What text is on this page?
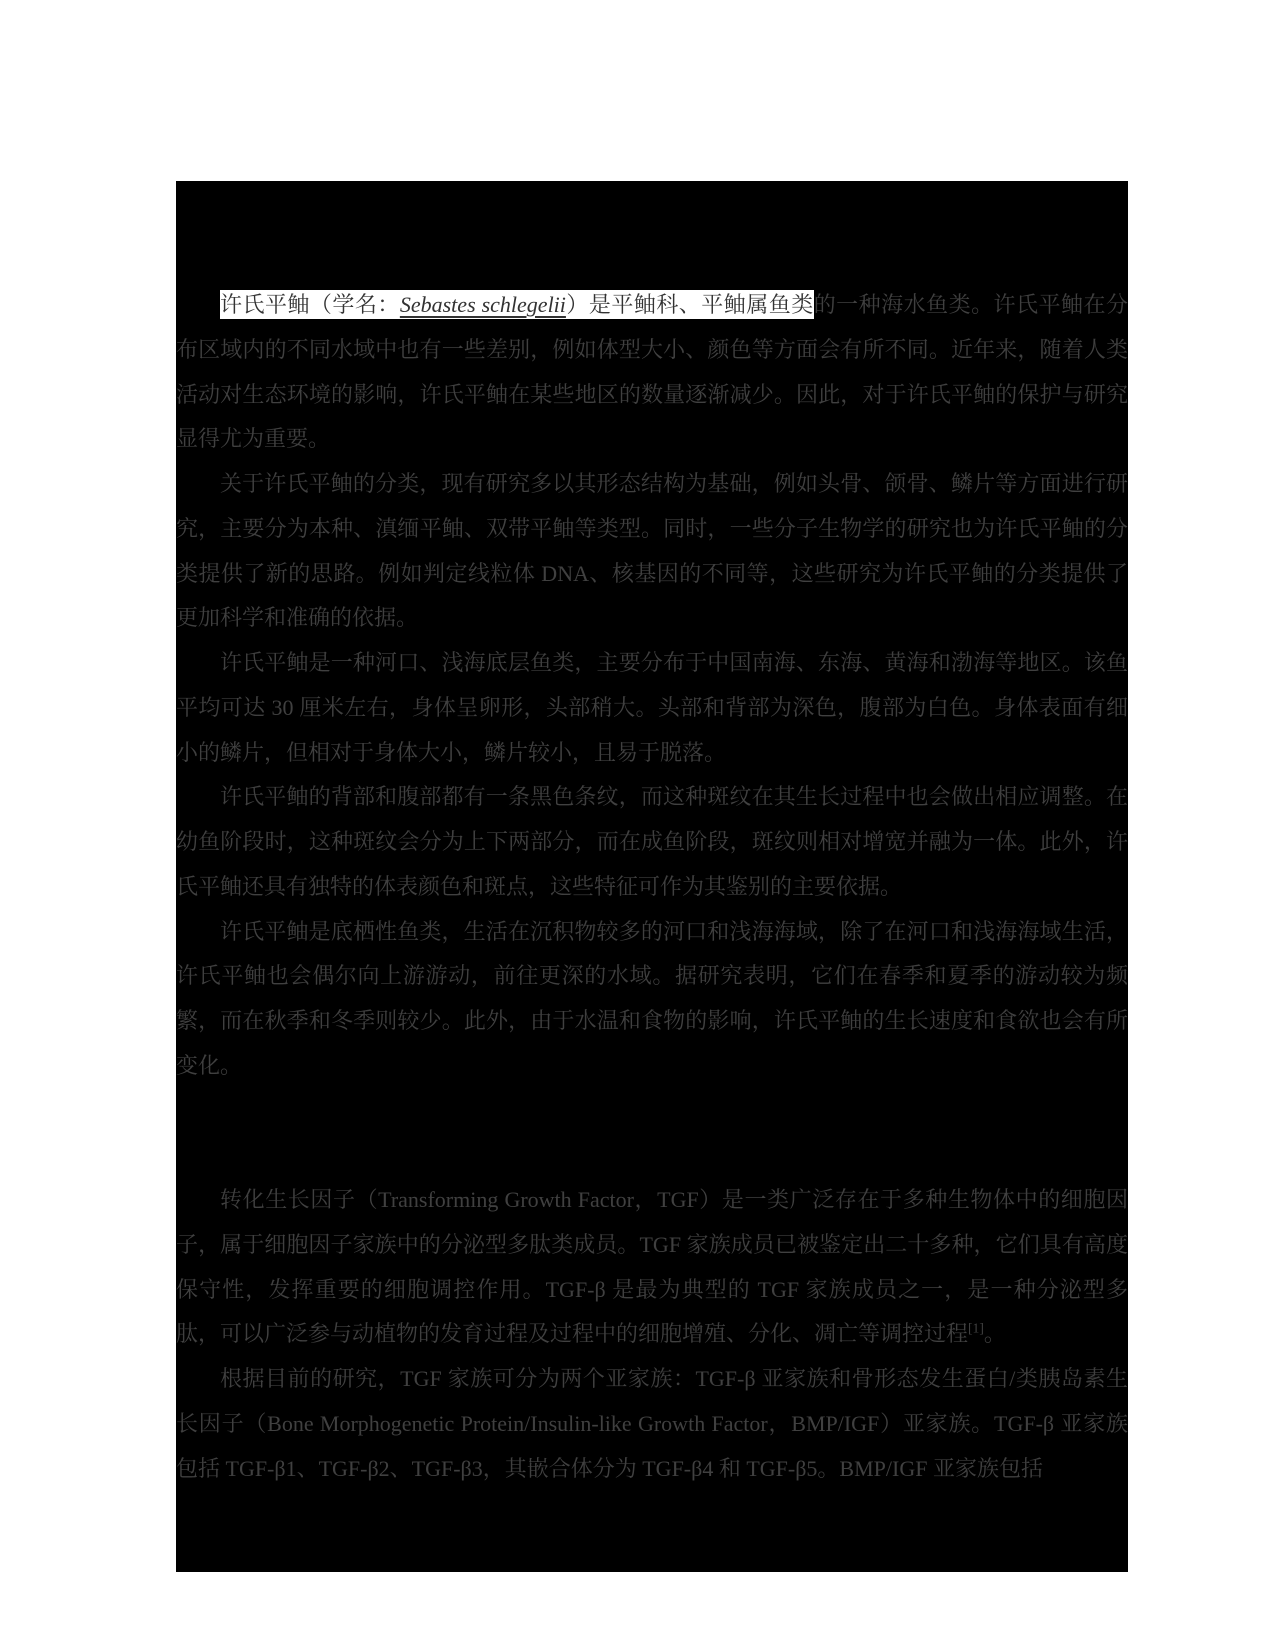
许氏平鲉（学名：Sebastes schlegelii）是平鲉科、平鲉属鱼类的一种海水鱼类。许氏平鲉在分布区域内的不同水域中也有一些差别，例如体型大小、颜色等方面会有所不同。近年来，随着人类活动对生态环境的影响，许氏平鲉在某些地区的数量逐渐减少。因此，对于许氏平鲉的保护与研究显得尤为重要。

关于许氏平鲉的分类，现有研究多以其形态结构为基础，例如头骨、颌骨、鳞片等方面进行研究，主要分为本种、滇缅平鲉、双带平鲉等类型。同时，一些分子生物学的研究也为许氏平鲉的分类提供了新的思路。例如判定线粒体 DNA、核基因的不同等，这些研究为许氏平鲉的分类提供了更加科学和准确的依据。

许氏平鲉是一种河口、浅海底层鱼类，主要分布于中国南海、东海、黄海和渤海等地区。该鱼平均可达 30 厘米左右，身体呈卵形，头部稍大。头部和背部为深色，腹部为白色。身体表面有细小的鳞片，但相对于身体大小，鳞片较小，且易于脱落。

许氏平鲉的背部和腹部都有一条黑色条纹，而这种斑纹在其生长过程中也会做出相应调整。在幼鱼阶段时，这种斑纹会分为上下两部分，而在成鱼阶段，斑纹则相对增宽并融为一体。此外，许氏平鲉还具有独特的体表颜色和斑点，这些特征可作为其鉴别的主要依据。

许氏平鲉是底栖性鱼类，生活在沉积物较多的河口和浅海海域，除了在河口和浅海海域生活，许氏平鲉也会偶尔向上游游动，前往更深的水域。据研究表明，它们在春季和夏季的游动较为频繁，而在秋季和冬季则较少。此外，由于水温和食物的影响，许氏平鲉的生长速度和食欲也会有所变化。

转化生长因子（Transforming Growth Factor，TGF）是一类广泛存在于多种生物体中的细胞因子，属于细胞因子家族中的分泌型多肽类成员。TGF 家族成员已被鉴定出二十多种，它们具有高度保守性，发挥重要的细胞调控作用。TGF-β 是最为典型的 TGF 家族成员之一，是一种分泌型多肽，可以广泛参与动植物的发育过程及过程中的细胞增殖、分化、凋亡等调控过程[1]。

根据目前的研究，TGF 家族可分为两个亚家族：TGF-β 亚家族和骨形态发生蛋白/类胰岛素生长因子（Bone Morphogenetic Protein/Insulin-like Growth Factor，BMP/IGF）亚家族。TGF-β 亚家族包括 TGF-β1、TGF-β2、TGF-β3，其嵌合体分为 TGF-β4 和 TGF-β5。BMP/IGF 亚家族包括
